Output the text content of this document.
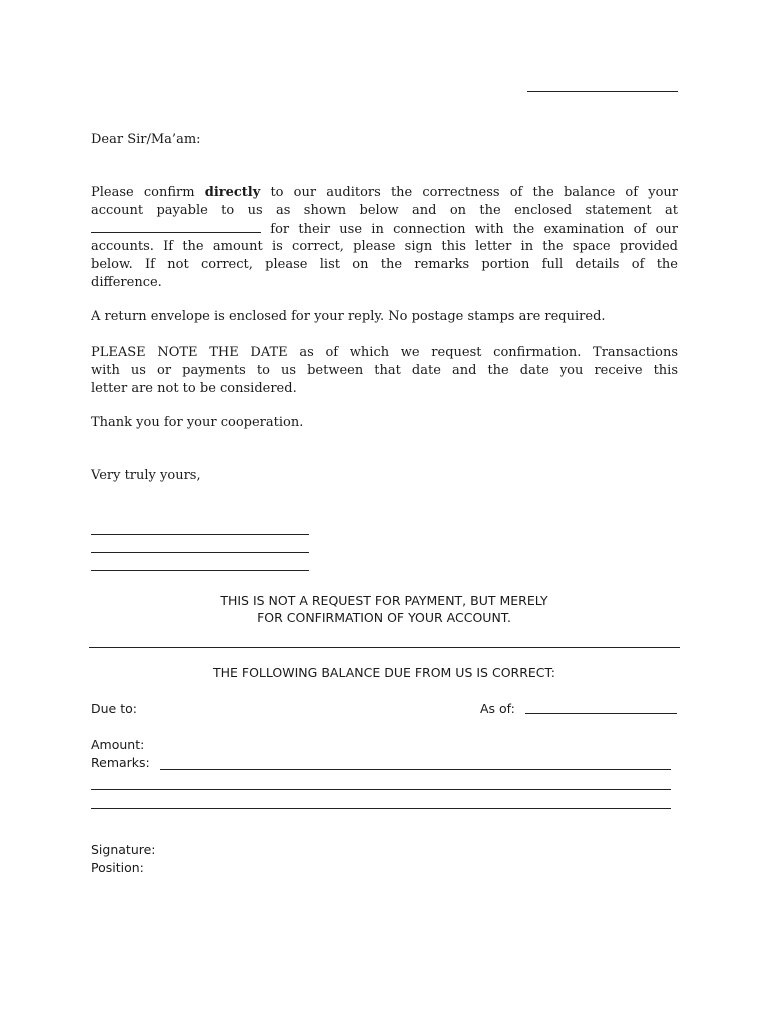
Dear Sir/Ma’am:
Please confirm directly to our auditors the correctness of the balance of your
account payable to us as shown below and on the enclosed statement at
for their use in connection with the examination of our
accounts. If the amount is correct, please sign this letter in the space provided
below. If not correct, please list on the remarks portion full details of the
difference.
A return envelope is enclosed for your reply. No postage stamps are required.
PLEASE NOTE THE DATE as of which we request confirmation. Transactions
with us or payments to us between that date and the date you receive this
letter are not to be considered.
Thank you for your cooperation.
Very truly yours,
THIS IS NOT A REQUEST FOR PAYMENT, BUT MERELY
FOR CONFIRMATION OF YOUR ACCOUNT.
THE FOLLOWING BALANCE DUE FROM US IS CORRECT:
Due to:	As of:
Amount:
Remarks:
Signature:
Position:
